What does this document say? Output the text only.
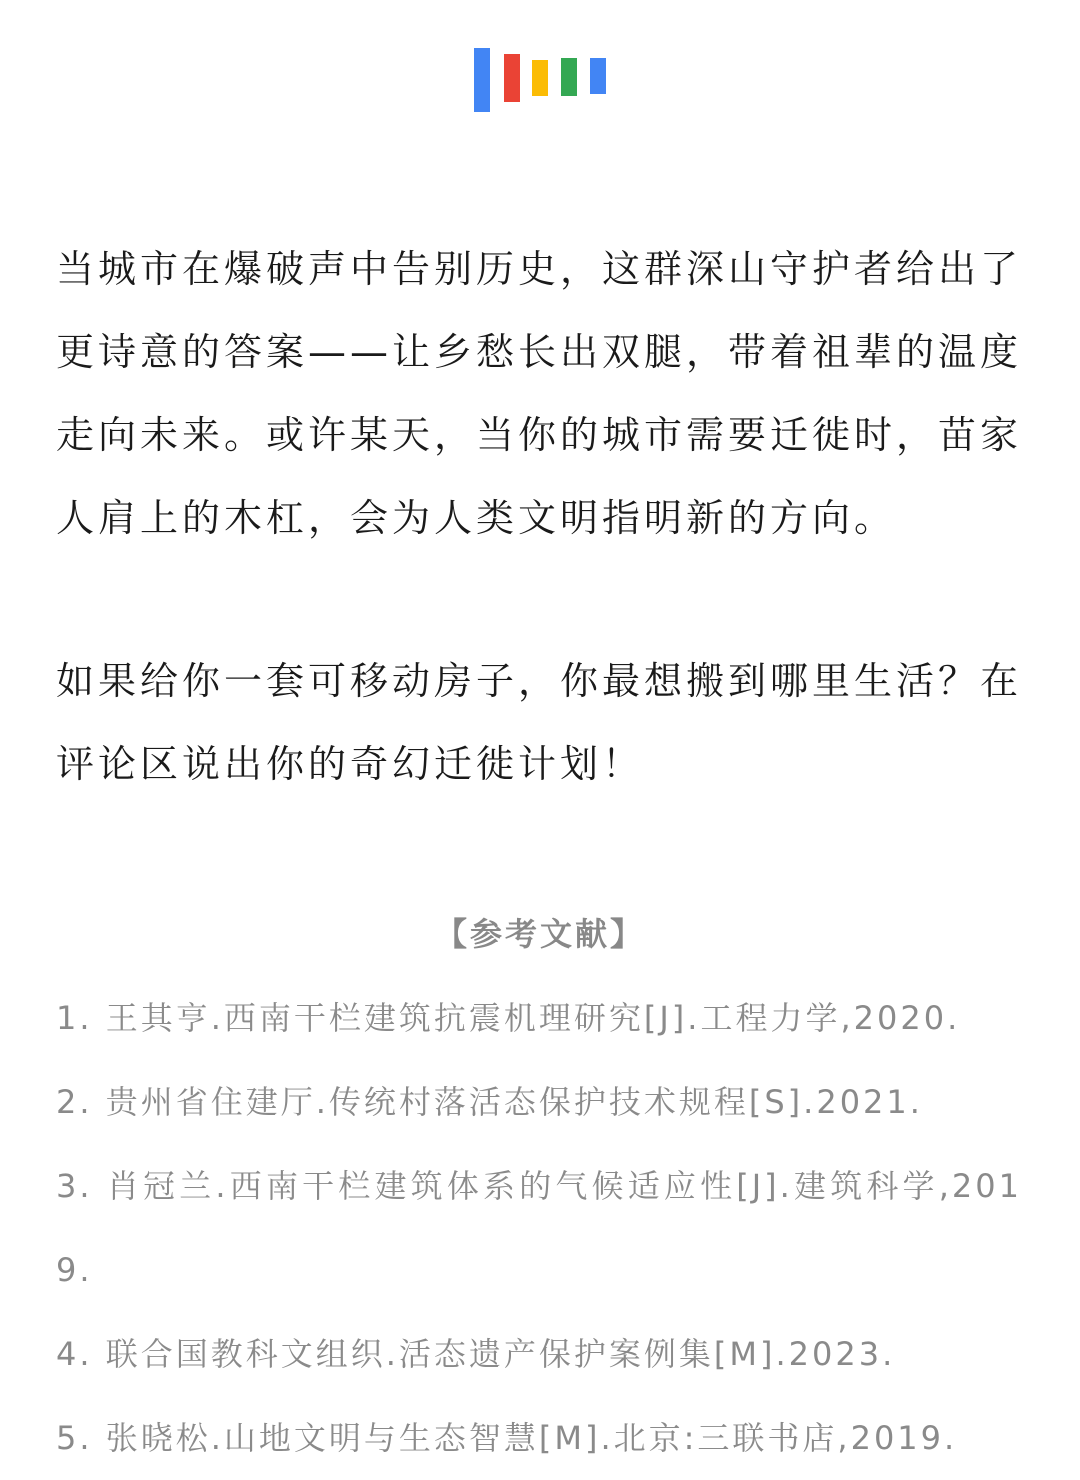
当城市在爆破声中告别历史，这群深山守护者给出了更诗意的答案——让乡愁长出双腿，带着祖辈的温度走向未来。或许某天，当你的城市需要迁徙时，苗家人肩上的木杠，会为人类文明指明新的方向。

如果给你一套可移动房子，你最想搬到哪里生活？在评论区说出你的奇幻迁徙计划！

【参考文献】
1. 王其亨.西南干栏建筑抗震机理研究[J].工程力学,2020.
2. 贵州省住建厅.传统村落活态保护技术规程[S].2021.
3. 肖冠兰.西南干栏建筑体系的气候适应性[J].建筑科学,2019.
4. 联合国教科文组织.活态遗产保护案例集[M].2023.
5. 张晓松.山地文明与生态智慧[M].北京:三联书店,2019.
